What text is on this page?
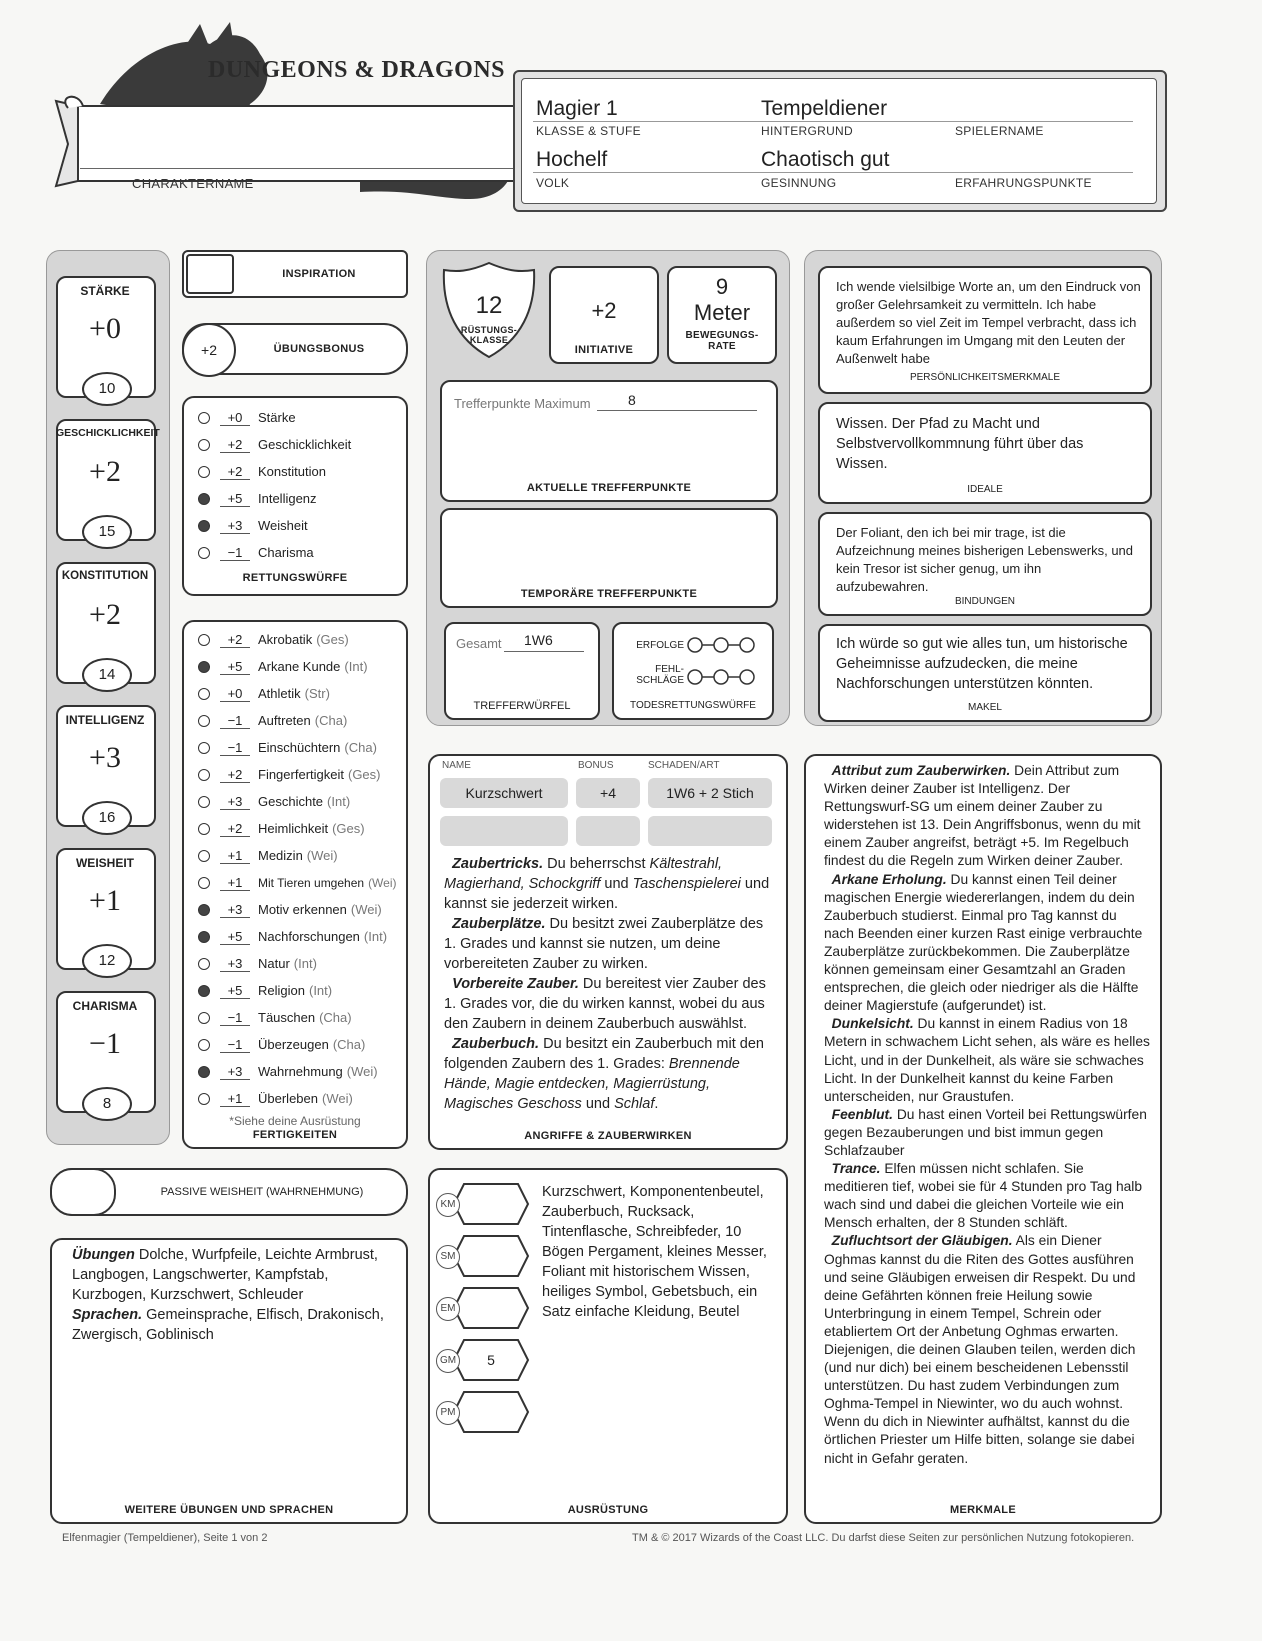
DUNGEONS & DRAGONS
CHARAKTERNAME
Magier 1
KLASSE & STUFE
Tempeldiener
HINTERGRUND	SPIELERNAME
Hochelf
VOLK
Chaotisch gut
GESINNUNG	ERFAHRUNGSPUNKTE
STÄRKE
+0
10
GESCHICKLICHKEIT
+2
15
KONSTITUTION
+2
14
INTELLIGENZ
+3
16
WEISHEIT
+1
12
CHARISMA
−1
8
INSPIRATION
+2	ÜBUNGSBONUS
+0	Stärke
+2	Geschicklichkeit
+2	Konstitution
+5	Intelligenz
+3	Weisheit
−1	Charisma
RETTUNGSWÜRFE
+2	Akrobatik (Ges)
+5	Arkane Kunde (Int)
+0	Athletik (Str)
−1	Auftreten (Cha)
−1	Einschüchtern (Cha)
+2	Fingerfertigkeit (Ges)
+3	Geschichte (Int)
+2	Heimlichkeit (Ges)
+1	Medizin (Wei)
+1	Mit Tieren umgehen (Wei)
+3	Motiv erkennen (Wei)
+5	Nachforschungen (Int)
+3	Natur (Int)
+5	Religion (Int)
−1	Täuschen (Cha)
−1	Überzeugen (Cha)
+3	Wahrnehmung (Wei)
+1	Überleben (Wei)
*Siehe deine Ausrüstung
FERTIGKEITEN
PASSIVE WEISHEIT (WAHRNEHMUNG)
Übungen Dolche, Wurfpfeile, Leichte Armbrust, Langbogen, Langschwerter, Kampfstab, Kurzbogen, Kurzschwert, Schleuder
Sprachen. Gemeinsprache, Elfisch, Drakonisch, Zwergisch, Goblinisch
WEITERE ÜBUNGEN UND SPRACHEN
12
RÜSTUNGS-KLASSE
+2
INITIATIVE
9
Meter
BEWEGUNGS-RATE
Trefferpunkte Maximum	8
AKTUELLE TREFFERPUNKTE
TEMPORÄRE TREFFERPUNKTE
Gesamt 1W6
TREFFERWÜRFEL
ERFOLGE
FEHL-SCHLÄGE
TODESRETTUNGSWÜRFE
NAME	BONUS	SCHADEN/ART
Kurzschwert	+4	1W6 + 2 Stich
Zaubertricks. Du beherrschst Kältestrahl, Magierhand, Schockgriff und Taschenspielerei und kannst sie jederzeit wirken.
Zauberplätze. Du besitzt zwei Zauberplätze des 1. Grades und kannst sie nutzen, um deine vorbereiteten Zauber zu wirken.
Vorbereite Zauber. Du bereitest vier Zauber des 1. Grades vor, die du wirken kannst, wobei du aus den Zaubern in deinem Zauberbuch auswählst.
Zauberbuch. Du besitzt ein Zauberbuch mit den folgenden Zaubern des 1. Grades: Brennende Hände, Magie entdecken, Magierrüstung, Magisches Geschoss und Schlaf.
ANGRIFFE & ZAUBERWIRKEN
KM
SM
EM
GM	5
PM
Kurzschwert, Komponentenbeutel, Zauberbuch, Rucksack, Tintenflasche, Schreibfeder, 10 Bögen Pergament, kleines Messer, Foliant mit historischem Wissen, heiliges Symbol, Gebetsbuch, ein Satz einfache Kleidung, Beutel
AUSRÜSTUNG
Ich wende vielsilbige Worte an, um den Eindruck von großer Gelehrsamkeit zu vermitteln. Ich habe außerdem so viel Zeit im Tempel verbracht, dass ich kaum Erfahrungen im Umgang mit den Leuten der Außenwelt habe
PERSÖNLICHKEITSMERKMALE
Wissen. Der Pfad zu Macht und Selbstvervollkommnung führt über das Wissen.
IDEALE
Der Foliant, den ich bei mir trage, ist die Aufzeichnung meines bisherigen Lebenswerks, und kein Tresor ist sicher genug, um ihn aufzubewahren.
BINDUNGEN
Ich würde so gut wie alles tun, um historische Geheimnisse aufzudecken, die meine Nachforschungen unterstützen könnten.
MAKEL
Attribut zum Zauberwirken. Dein Attribut zum Wirken deiner Zauber ist Intelligenz. Der Rettungswurf-SG um einem deiner Zauber zu widerstehen ist 13. Dein Angriffsbonus, wenn du mit einem Zauber angreifst, beträgt +5. Im Regelbuch findest du die Regeln zum Wirken deiner Zauber.
Arkane Erholung. Du kannst einen Teil deiner magischen Energie wiedererlangen, indem du dein Zauberbuch studierst. Einmal pro Tag kannst du nach Beenden einer kurzen Rast einige verbrauchte Zauberplätze zurückbekommen. Die Zauberplätze können gemeinsam einer Gesamtzahl an Graden entsprechen, die gleich oder niedriger als die Hälfte deiner Magierstufe (aufgerundet) ist.
Dunkelsicht. Du kannst in einem Radius von 18 Metern in schwachem Licht sehen, als wäre es helles Licht, und in der Dunkelheit, als wäre sie schwaches Licht. In der Dunkelheit kannst du keine Farben unterscheiden, nur Graustufen.
Feenblut. Du hast einen Vorteil bei Rettungswürfen gegen Bezauberungen und bist immun gegen Schlafzauber
Trance. Elfen müssen nicht schlafen. Sie meditieren tief, wobei sie für 4 Stunden pro Tag halb wach sind und dabei die gleichen Vorteile wie ein Mensch erhalten, der 8 Stunden schläft.
Zufluchtsort der Gläubigen. Als ein Diener Oghmas kannst du die Riten des Gottes ausführen und seine Gläubigen erweisen dir Respekt. Du und deine Gefährten können freie Heilung sowie Unterbringung in einem Tempel, Schrein oder etabliertem Ort der Anbetung Oghmas erwarten. Diejenigen, die deinen Glauben teilen, werden dich (und nur dich) bei einem bescheidenen Lebensstil unterstützen. Du hast zudem Verbindungen zum Oghma-Tempel in Niewinter, wo du auch wohnst. Wenn du dich in Niewinter aufhältst, kannst du die örtlichen Priester um Hilfe bitten, solange sie dabei nicht in Gefahr geraten.
MERKMALE
Elfenmagier (Tempeldiener), Seite 1 von 2	TM & © 2017 Wizards of the Coast LLC. Du darfst diese Seiten zur persönlichen Nutzung fotokopieren.
